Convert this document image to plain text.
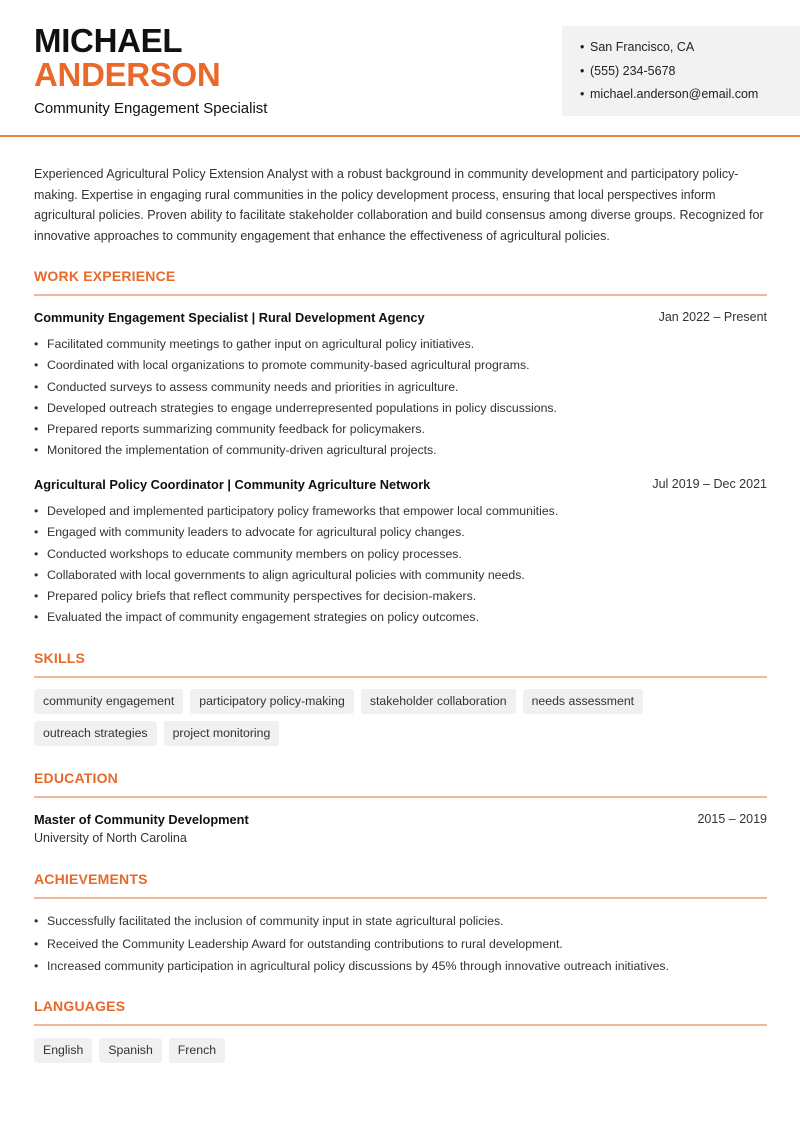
MICHAEL
ANDERSON
Community Engagement Specialist
• San Francisco, CA
• (555) 234-5678
• michael.anderson@email.com

Experienced Agricultural Policy Extension Analyst with a robust background in community development and participatory policy-making. Expertise in engaging rural communities in the policy development process, ensuring that local perspectives inform agricultural policies. Proven ability to facilitate stakeholder collaboration and build consensus among diverse groups. Recognized for innovative approaches to community engagement that enhance the effectiveness of agricultural policies.

WORK EXPERIENCE
Community Engagement Specialist | Rural Development Agency	Jan 2022 – Present
• Facilitated community meetings to gather input on agricultural policy initiatives.
• Coordinated with local organizations to promote community-based agricultural programs.
• Conducted surveys to assess community needs and priorities in agriculture.
• Developed outreach strategies to engage underrepresented populations in policy discussions.
• Prepared reports summarizing community feedback for policymakers.
• Monitored the implementation of community-driven agricultural projects.
Agricultural Policy Coordinator | Community Agriculture Network	Jul 2019 – Dec 2021
• Developed and implemented participatory policy frameworks that empower local communities.
• Engaged with community leaders to advocate for agricultural policy changes.
• Conducted workshops to educate community members on policy processes.
• Collaborated with local governments to align agricultural policies with community needs.
• Prepared policy briefs that reflect community perspectives for decision-makers.
• Evaluated the impact of community engagement strategies on policy outcomes.
SKILLS
community engagement	participatory policy-making	stakeholder collaboration	needs assessment
outreach strategies	project monitoring
EDUCATION
Master of Community Development	2015 – 2019
University of North Carolina
ACHIEVEMENTS
• Successfully facilitated the inclusion of community input in state agricultural policies.
• Received the Community Leadership Award for outstanding contributions to rural development.
• Increased community participation in agricultural policy discussions by 45% through innovative outreach initiatives.
LANGUAGES
English	Spanish	French
